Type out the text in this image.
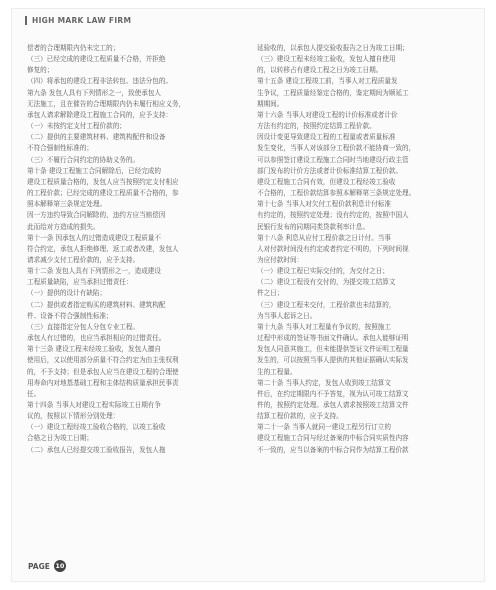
HIGH MARK LAW FIRM

偿者的合理期限内仍未完工的；

（三）已经完成的建设工程质量不合格，并拒绝

修复的；

（四）将承包的建设工程非法转包、违法分包的。

第九条 发包人具有下列情形之一，致使承包人

无法施工，且在催告的合理期限内仍未履行相应义务，

承包人请求解除建设工程施工合同的，应予支持：

（一）未按约定支付工程价款的；

（二）提供的主要建筑材料、建筑构配件和设备

不符合强制性标准的；

（三）不履行合同约定的协助义务的。

第十条 建设工程施工合同解除后，已经完成的

建设工程质量合格的，发包人应当按照约定支付相应

的工程价款；已经完成的建设工程质量不合格的，参

照本解释第三条规定处理。

因一方违约导致合同解除的，违约方应当赔偿因

此而给对方造成的损失。

第十一条 因承包人的过错造成建设工程质量不

符合约定，承包人拒绝修理、返工或者改建，发包人

请求减少支付工程价款的，应予支持。

第十二条 发包人具有下列情形之一，造成建设

工程质量缺陷，应当承担过错责任：

（一）提供的设计有缺陷；

（二）提供或者指定购买的建筑材料、建筑构配

件、设备不符合强制性标准；

（三）直接指定分包人分包专业工程。

承包人有过错的，也应当承担相应的过错责任。

第十三条 建设工程未经竣工验收，发包人擅自

使用后，又以使用部分质量不符合约定为由主张权利

的，不予支持；但是承包人应当在建设工程的合理使

用寿命内对地基基础工程和主体结构质量承担民事责

任。

第十四条 当事人对建设工程实际竣工日期有争

议的，按照以下情形分别处理：

（一）建设工程经竣工验收合格的，以竣工验收

合格之日为竣工日期；

（二）承包人已经提交竣工验收报告，发包人拖

延验收的，以承包人提交验收报告之日为竣工日期；

（三）建设工程未经竣工验收，发包人擅自使用

的，以转移占有建设工程之日为竣工日期。

第十五条 建设工程竣工前，当事人对工程质量发

生争议，工程质量经鉴定合格的，鉴定期间为顺延工

期期间。

第十六条 当事人对建设工程的计价标准或者计价

方法有约定的，按照约定结算工程价款。

因设计变更导致建设工程的工程量或者质量标准

发生变化，当事人对该部分工程价款不能协商一致的，

可以参照签订建设工程施工合同时当地建设行政主管

部门发布的计价方法或者计价标准结算工程价款。

建设工程施工合同有效，但建设工程经竣工验收

不合格的，工程价款结算参照本解释第三条规定处理。

第十七条 当事人对欠付工程价款利息计付标准

有约定的，按照约定处理；没有约定的，按照中国人

民银行发布的同期同类贷款利率计息。

第十八条 利息从应付工程价款之日计付。当事

人对付款时间没有约定或者约定不明的，下列时间视

为应付款时间：

（一）建设工程已实际交付的，为交付之日；

（二）建设工程没有交付的，为提交竣工结算文

件之日；

（三）建设工程未交付，工程价款也未结算的，

为当事人起诉之日。

第十九条 当事人对工程量有争议的，按照施工

过程中形成的签证等书面文件确认。承包人能够证明

发包人同意其施工，但未能提供签证文件证明工程量

发生的，可以按照当事人提供的其他证据确认实际发

生的工程量。

第二十条 当事人约定，发包人收到竣工结算文

件后，在约定期限内不予答复，视为认可竣工结算文

件的，按照约定处理。承包人请求按照竣工结算文件

结算工程价款的，应予支持。

第二十一条 当事人就同一建设工程另行订立的

建设工程施工合同与经过备案的中标合同实质性内容

不一致的，应当以备案的中标合同作为结算工程价款

PAGE 10
